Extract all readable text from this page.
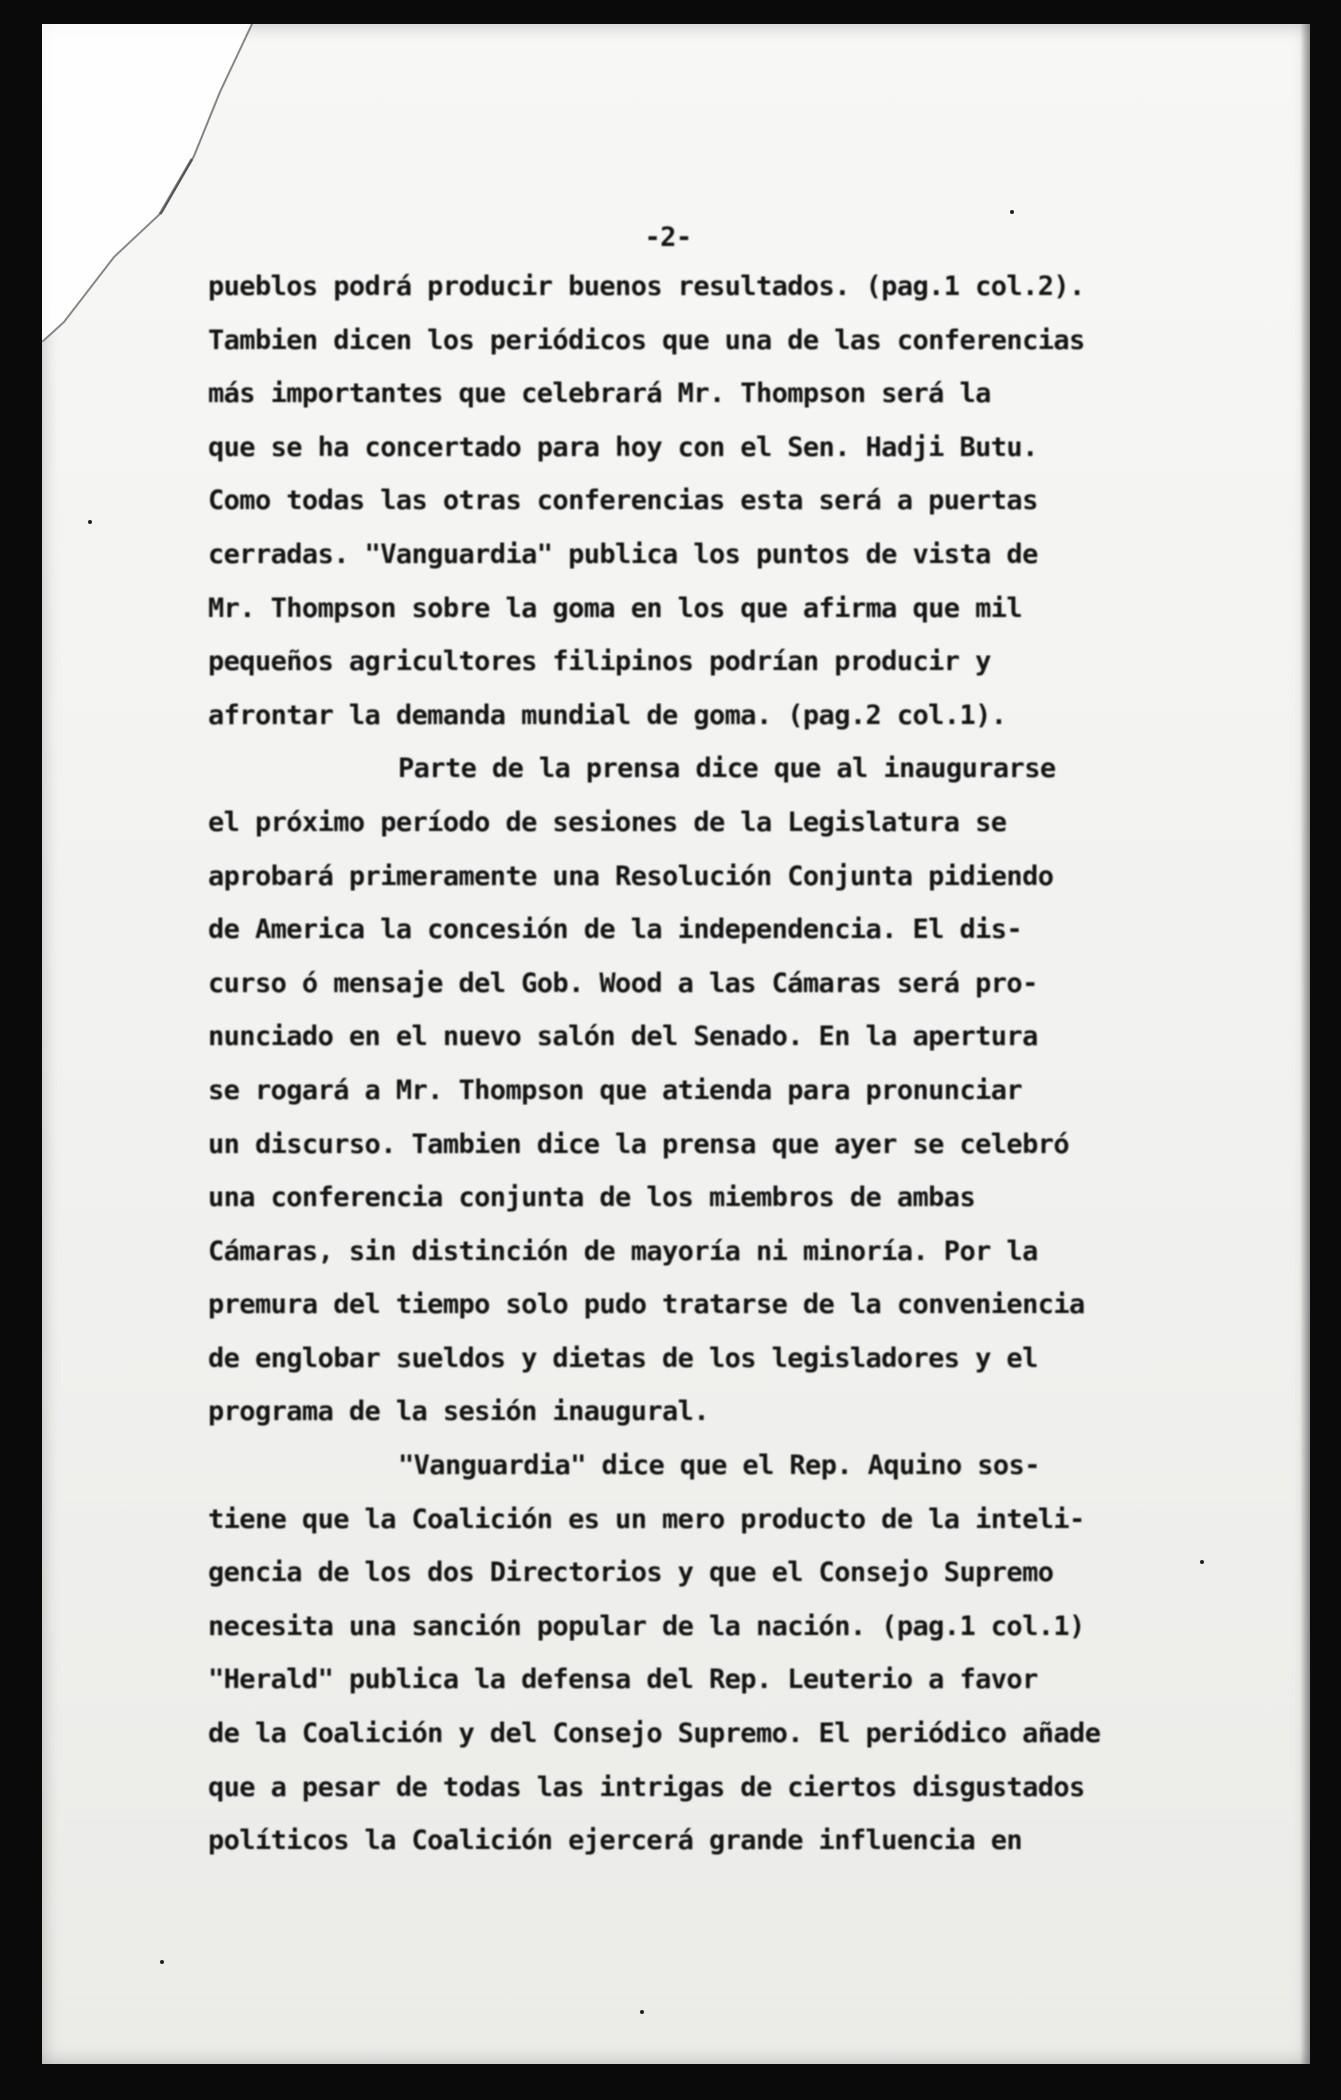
-2-
pueblos podrá producir buenos resultados. (pag.1 col.2).
Tambien dicen los periódicos que una de las conferencias
más importantes que celebrará Mr. Thompson será la
que se ha concertado para hoy con el Sen. Hadji Butu.
Como todas las otras conferencias esta será a puertas
cerradas. "Vanguardia" publica los puntos de vista de
Mr. Thompson sobre la goma en los que afirma que mil
pequeños agricultores filipinos podrían producir y
afrontar la demanda mundial de goma. (pag.2 col.1).
Parte de la prensa dice que al inaugurarse
el próximo período de sesiones de la Legislatura se
aprobará primeramente una Resolución Conjunta pidiendo
de America la concesión de la independencia. El dis-
curso ó mensaje del Gob. Wood a las Cámaras será pro-
nunciado en el nuevo salón del Senado. En la apertura
se rogará a Mr. Thompson que atienda para pronunciar
un discurso. Tambien dice la prensa que ayer se celebró
una conferencia conjunta de los miembros de ambas
Cámaras, sin distinción de mayoría ni minoría. Por la
premura del tiempo solo pudo tratarse de la conveniencia
de englobar sueldos y dietas de los legisladores y el
programa de la sesión inaugural.
"Vanguardia" dice que el Rep. Aquino sos-
tiene que la Coalición es un mero producto de la inteli-
gencia de los dos Directorios y que el Consejo Supremo
necesita una sanción popular de la nación. (pag.1 col.1)
"Herald" publica la defensa del Rep. Leuterio a favor
de la Coalición y del Consejo Supremo. El periódico añade
que a pesar de todas las intrigas de ciertos disgustados
políticos la Coalición ejercerá grande influencia en
